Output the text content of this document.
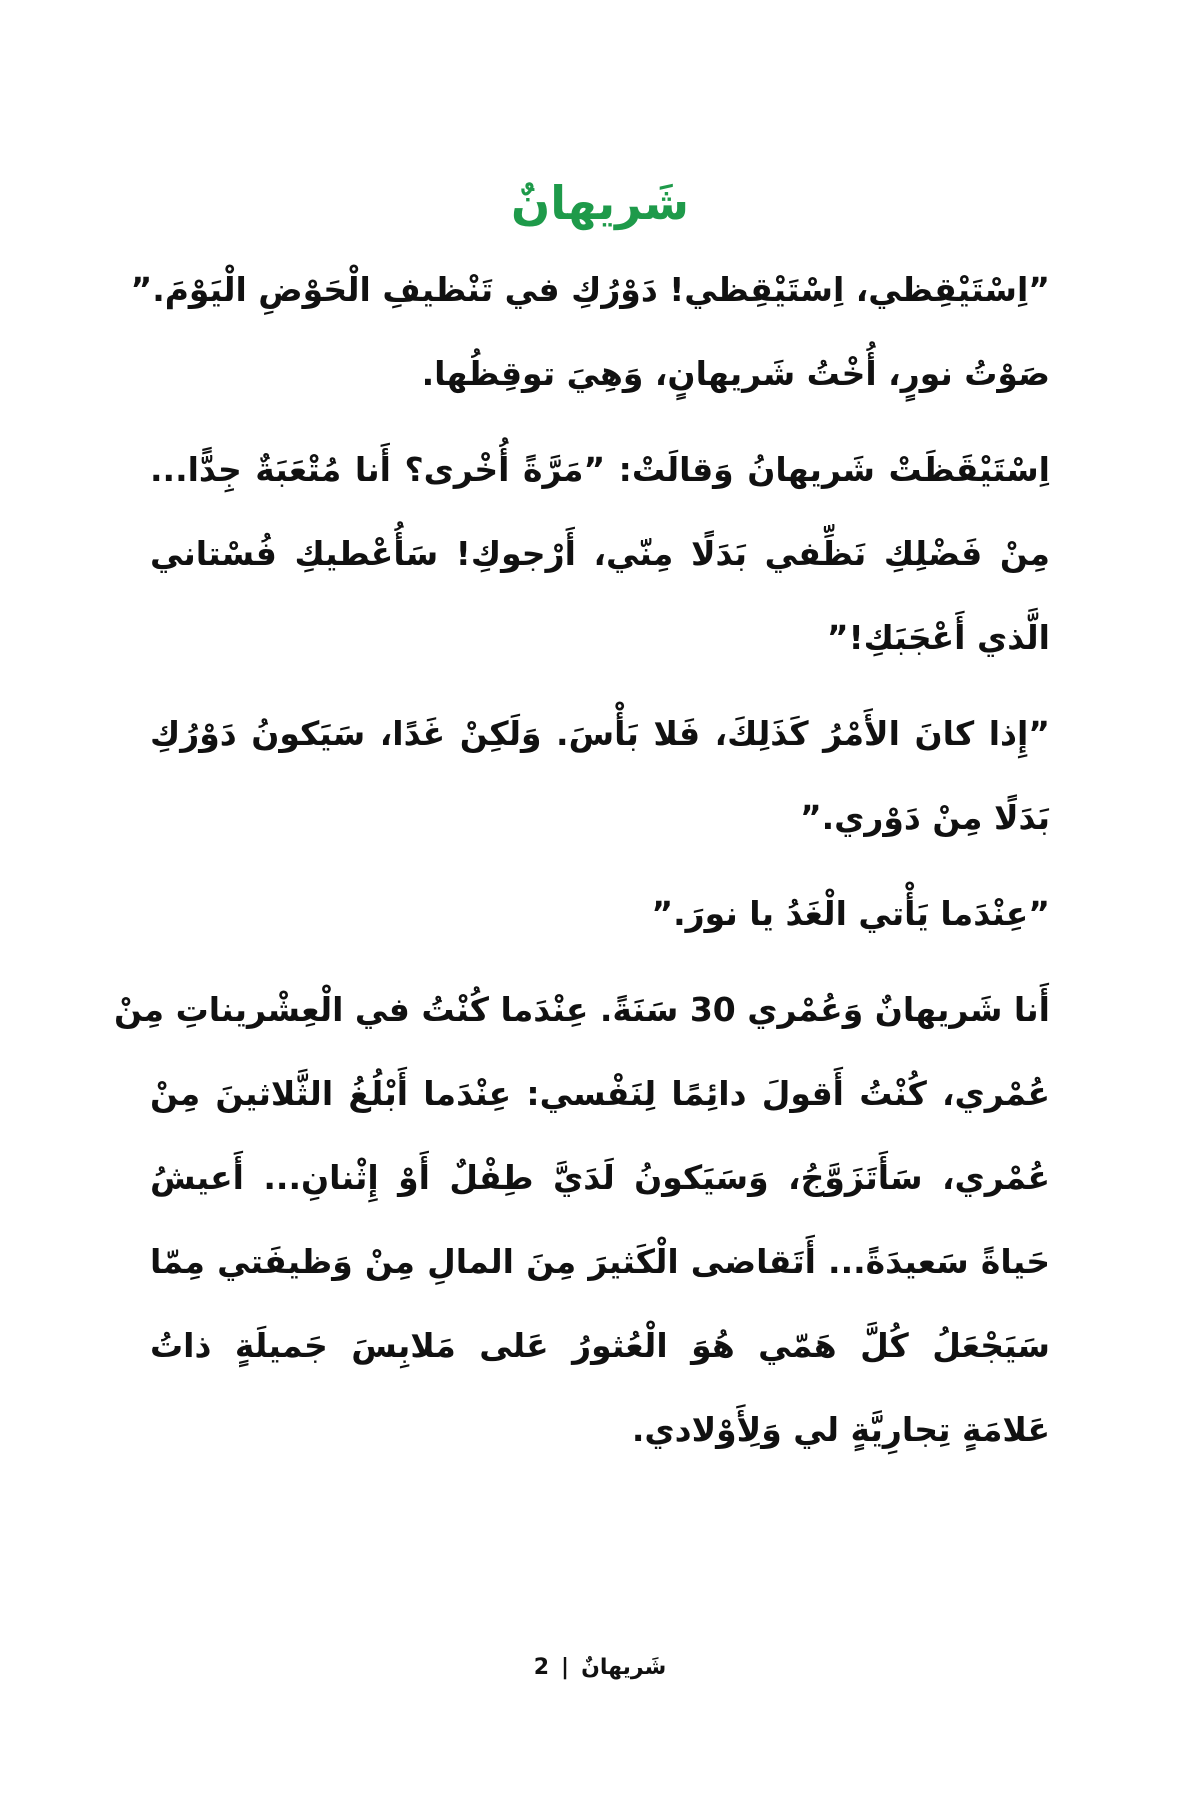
شَريهانٌ

”اِسْتَيْقِظي، اِسْتَيْقِظي! دَوْرُكِ في تَنْظيفِ الْحَوْضِ الْيَوْمَ.”
صَوْتُ نورٍ، أُخْتُ شَريهانٍ، وَهِيَ توقِظُها.

اِسْتَيْقَظَتْ شَريهانُ وَقالَتْ: ”مَرَّةً أُخْرى؟ أَنا مُتْعَبَةٌ جِدًّا...
مِنْ فَضْلِكِ نَظِّفي بَدَلًا مِنّي، أَرْجوكِ! سَأُعْطيكِ فُسْتاني
الَّذي أَعْجَبَكِ!”

”إِذا كانَ الأَمْرُ كَذَلِكَ، فَلا بَأْسَ. وَلَكِنْ غَدًا، سَيَكونُ دَوْرُكِ
بَدَلًا مِنْ دَوْري.”

”عِنْدَما يَأْتي الْغَدُ يا نورَ.”

أَنا شَريهانٌ وَعُمْري 30 سَنَةً. عِنْدَما كُنْتُ في الْعِشْريناتِ مِنْ
عُمْري، كُنْتُ أَقولَ دائِمًا لِنَفْسي: عِنْدَما أَبْلُغُ الثَّلاثينَ مِنْ
عُمْري، سَأَتَزَوَّجُ، وَسَيَكونُ لَدَيَّ طِفْلٌ أَوْ إِثْنانِ... أَعيشُ
حَياةً سَعيدَةً... أَتَقاضى الْكَثيرَ مِنَ المالِ مِنْ وَظيفَتي مِمّا
سَيَجْعَلُ كُلَّ هَمّي هُوَ الْعُثورُ عَلى مَلابِسَ جَميلَةٍ ذاتُ
عَلامَةٍ تِجارِيَّةٍ لي وَلِأَوْلادي.

شَريهانٌ|2
